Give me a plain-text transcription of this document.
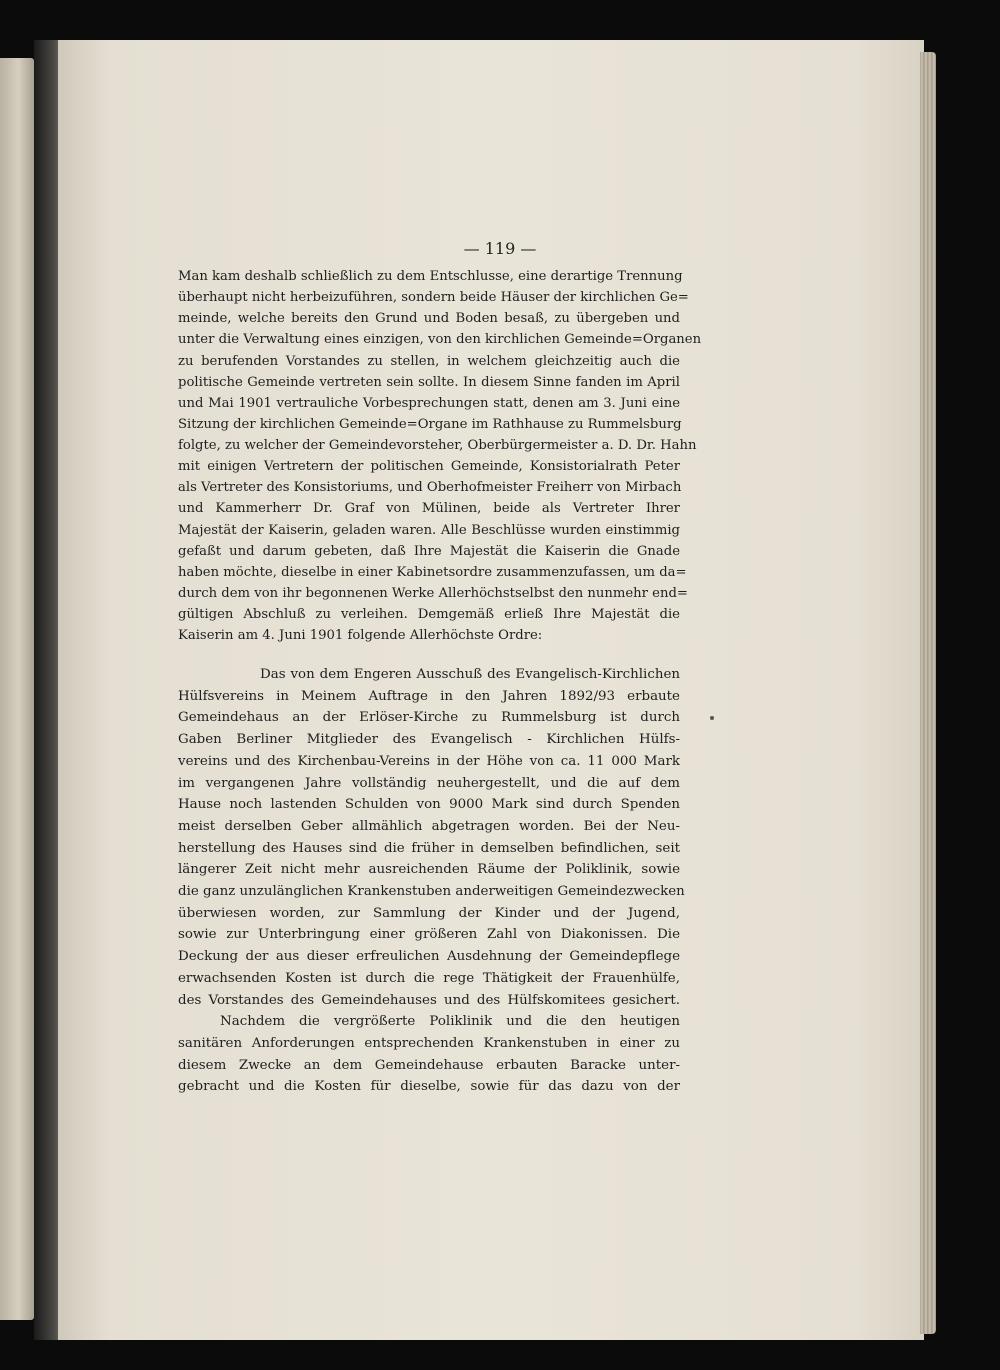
— 119 —
Man kam deshalb schließlich zu dem Entschlusse, eine derartige Trennung
überhaupt nicht herbeizuführen, sondern beide Häuser der kirchlichen Ge=
meinde, welche bereits den Grund und Boden besaß, zu übergeben und
unter die Verwaltung eines einzigen, von den kirchlichen Gemeinde=Organen
zu berufenden Vorstandes zu stellen, in welchem gleichzeitig auch die
politische Gemeinde vertreten sein sollte. In diesem Sinne fanden im April
und Mai 1901 vertrauliche Vorbesprechungen statt, denen am 3. Juni eine
Sitzung der kirchlichen Gemeinde=Organe im Rathhause zu Rummelsburg
folgte, zu welcher der Gemeindevorsteher, Oberbürgermeister a. D. Dr. Hahn
mit einigen Vertretern der politischen Gemeinde, Konsistorialrath Peter
als Vertreter des Konsistoriums, und Oberhofmeister Freiherr von Mirbach
und Kammerherr Dr. Graf von Mülinen, beide als Vertreter Ihrer
Majestät der Kaiserin, geladen waren. Alle Beschlüsse wurden einstimmig
gefaßt und darum gebeten, daß Ihre Majestät die Kaiserin die Gnade
haben möchte, dieselbe in einer Kabinetsordre zusammenzufassen, um da=
durch dem von ihr begonnenen Werke Allerhöchstselbst den nunmehr end=
gültigen Abschluß zu verleihen. Demgemäß erließ Ihre Majestät die
Kaiserin am 4. Juni 1901 folgende Allerhöchste Ordre:
Das von dem Engeren Ausschuß des Evangelisch-Kirchlichen
Hülfsvereins in Meinem Auftrage in den Jahren 1892/93 erbaute
Gemeindehaus an der Erlöser-Kirche zu Rummelsburg ist durch
Gaben Berliner Mitglieder des Evangelisch - Kirchlichen Hülfs-
vereins und des Kirchenbau-Vereins in der Höhe von ca. 11 000 Mark
im vergangenen Jahre vollständig neuhergestellt, und die auf dem
Hause noch lastenden Schulden von 9000 Mark sind durch Spenden
meist derselben Geber allmählich abgetragen worden. Bei der Neu-
herstellung des Hauses sind die früher in demselben befindlichen, seit
längerer Zeit nicht mehr ausreichenden Räume der Poliklinik, sowie
die ganz unzulänglichen Krankenstuben anderweitigen Gemeindezwecken
überwiesen worden, zur Sammlung der Kinder und der Jugend,
sowie zur Unterbringung einer größeren Zahl von Diakonissen. Die
Deckung der aus dieser erfreulichen Ausdehnung der Gemeindepflege
erwachsenden Kosten ist durch die rege Thätigkeit der Frauenhülfe,
des Vorstandes des Gemeindehauses und des Hülfskomitees gesichert.
Nachdem die vergrößerte Poliklinik und die den heutigen
sanitären Anforderungen entsprechenden Krankenstuben in einer zu
diesem Zwecke an dem Gemeindehause erbauten Baracke unter-
gebracht und die Kosten für dieselbe, sowie für das dazu von der
